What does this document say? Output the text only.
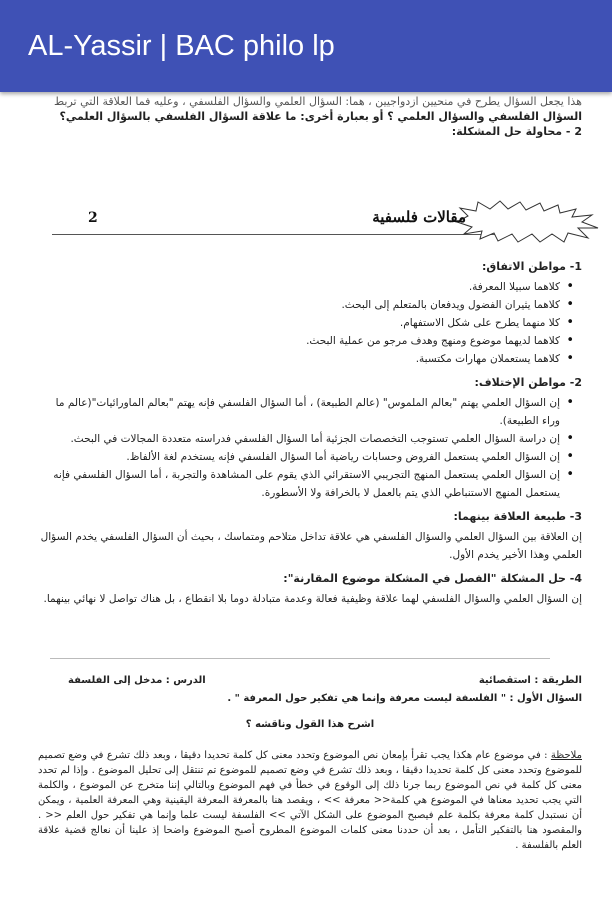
AL-Yassir | BAC philo lp
هذا يجعل السؤال يطرح في منحيين ازدواجيين ، هما: السؤال العلمي والسؤال الفلسفي ، وعليه فما العلاقة التي تربط
السؤال الفلسفي والسؤال العلمي ؟ أو بعبارة أخرى: ما علاقة السؤال الفلسفي بالسؤال العلمي؟
2 - محاولة حل المشكلة:
2	مقالات فلسفية
1- مواطن الاتفاق:
• كلاهما سبيلا المعرفة.
• كلاهما يثيران الفضول ويدفعان بالمتعلم إلى البحث.
• كلا منهما يطرح على شكل الاستفهام.
• كلاهما لديهما موضوع ومنهج وهدف مرجو من عملية البحث.
• كلاهما يستعملان مهارات مكتسبة.
2- مواطن الإختلاف:
• إن السؤال العلمي يهتم "بعالم الملموس" (عالم الطبيعة) ، أما السؤال الفلسفي فإنه يهتم "بعالم الماورائيات"(عالم ما وراء الطبيعة).
• إن دراسة السؤال العلمي تستوجب التخصصات الجزئية أما السؤال الفلسفي فدراسته متعددة المجالات في البحث.
• إن السؤال العلمي يستعمل الفروض وحسابات رياضية أما السؤال الفلسفي فإنه يستخدم لغة الألفاظ.
• إن السؤال العلمي يستعمل المنهج التجريبي الاستقرائي الذي يقوم على المشاهدة والتجربة ، أما السؤال الفلسفي فإنه يستعمل المنهج الاستنباطي الذي يتم بالعمل لا بالخرافة ولا الأسطورة.
3- طبيعة العلاقة بينهما:
إن العلاقة بين السؤال العلمي والسؤال الفلسفي هي علاقة تداخل متلاحم ومتماسك ، بحيث أن السؤال الفلسفي يخدم السؤال العلمي وهذا الأخير يخدم الأول.
4- حل المشكلة "الفصل في المشكلة موضوع المقارنة":
إن السؤال العلمي والسؤال الفلسفي لهما علاقة وظيفية فعالة وعدمة متبادلة دوما بلا انقطاع ، بل هناك تواصل لا نهائي بينهما.
الطريقة : استقصائية
الدرس : مدخل إلى الفلسفة
السؤال الأول : " الفلسفة ليست معرفة وإنما هي تفكير حول المعرفة " .
اشرح هذا القول وناقشه ؟
ملاحظة : في موضوع عام هكذا يجب تقرأ بإمعان نص الموضوع وتحدد معنى كل كلمة تحديدا دقيقا ، وبعد ذلك تشرع في وضع تصميم للموضوع وتحدد معنى كل كلمة تحديدا دقيقا ، وبعد ذلك تشرع في وضع تصميم للموضوع تم تنتقل إلى تحليل الموضوع . وإذا لم تحدد معنى كل كلمة في نص الموضوع ربما جرنا ذلك إلى الوقوع في خطأ في فهم الموضوع وبالتالي إننا متخرج عن الموضوع ، والكلمة التي يجب تحديد معناها في الموضوع هي كلمة<< معرفة >> ، ويقصد هنا بالمعرفة المعرفة اليقينية وهي المعرفة العلمية ، ويمكن أن نستبدل كلمة معرفة بكلمة علم فيصبح الموضوع على الشكل الآتي >> الفلسفة ليست علما وإنما هي تفكير حول العلم << . والمقصود هنا بالتفكير التأمل ، بعد أن حددنا معنى كلمات الموضوع المطروح أصبح الموضوع واضحا إذ علينا أن نعالج قضية علاقة العلم بالفلسفة .
